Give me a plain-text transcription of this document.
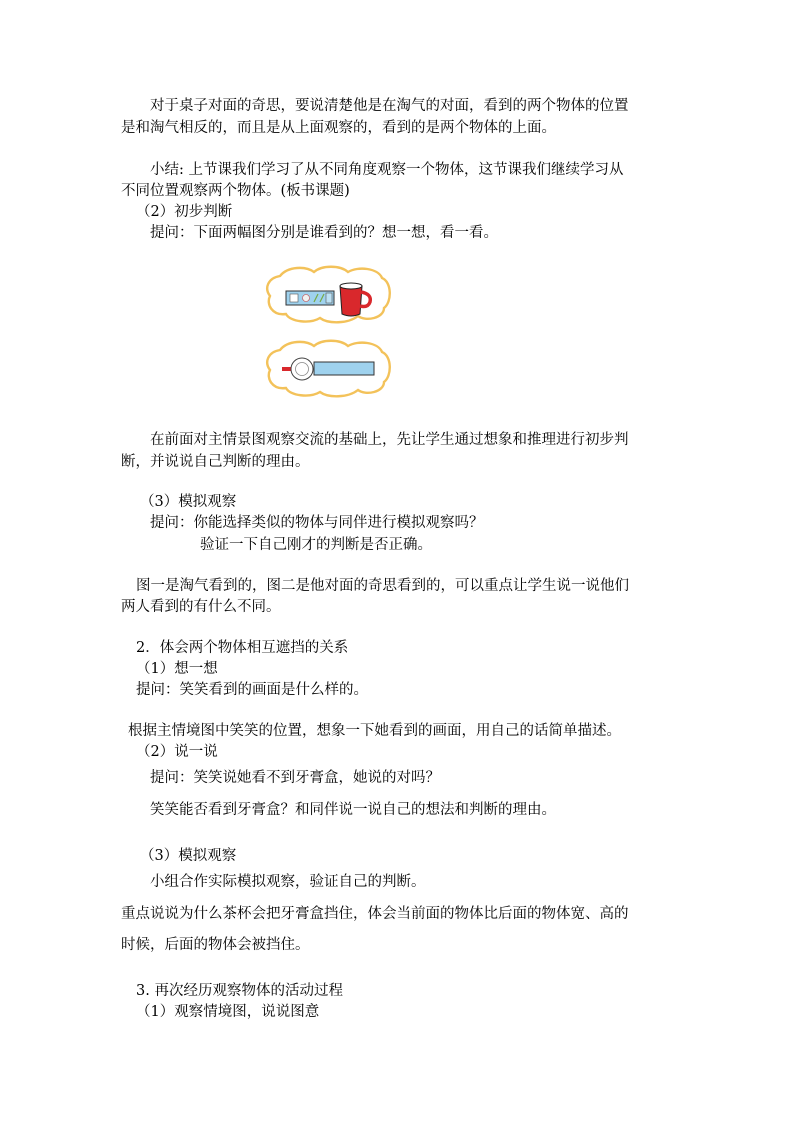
对于桌子对面的奇思，要说清楚他是在淘气的对面，看到的两个物体的位置
是和淘气相反的，而且是从上面观察的，看到的是两个物体的上面。
小结: 上节课我们学习了从不同角度观察一个物体，这节课我们继续学习从
不同位置观察两个物体。(板书课题)
（2）初步判断
提问：下面两幅图分别是谁看到的？想一想，看一看。
在前面对主情景图观察交流的基础上，先让学生通过想象和推理进行初步判
断，并说说自己判断的理由。
（3）模拟观察
提问：你能选择类似的物体与同伴进行模拟观察吗？
验证一下自己刚才的判断是否正确。
图一是淘气看到的，图二是他对面的奇思看到的，可以重点让学生说一说他们
两人看到的有什么不同。
2．体会两个物体相互遮挡的关系
（1）想一想
提问：笑笑看到的画面是什么样的。
根据主情境图中笑笑的位置，想象一下她看到的画面，用自己的话简单描述。
（2）说一说
提问：笑笑说她看不到牙膏盒，她说的对吗？
笑笑能否看到牙膏盒？和同伴说一说自己的想法和判断的理由。
（3）模拟观察
小组合作实际模拟观察，验证自己的判断。
重点说说为什么茶杯会把牙膏盒挡住，体会当前面的物体比后面的物体宽、高的
时候，后面的物体会被挡住。
3. 再次经历观察物体的活动过程
（1）观察情境图，说说图意
